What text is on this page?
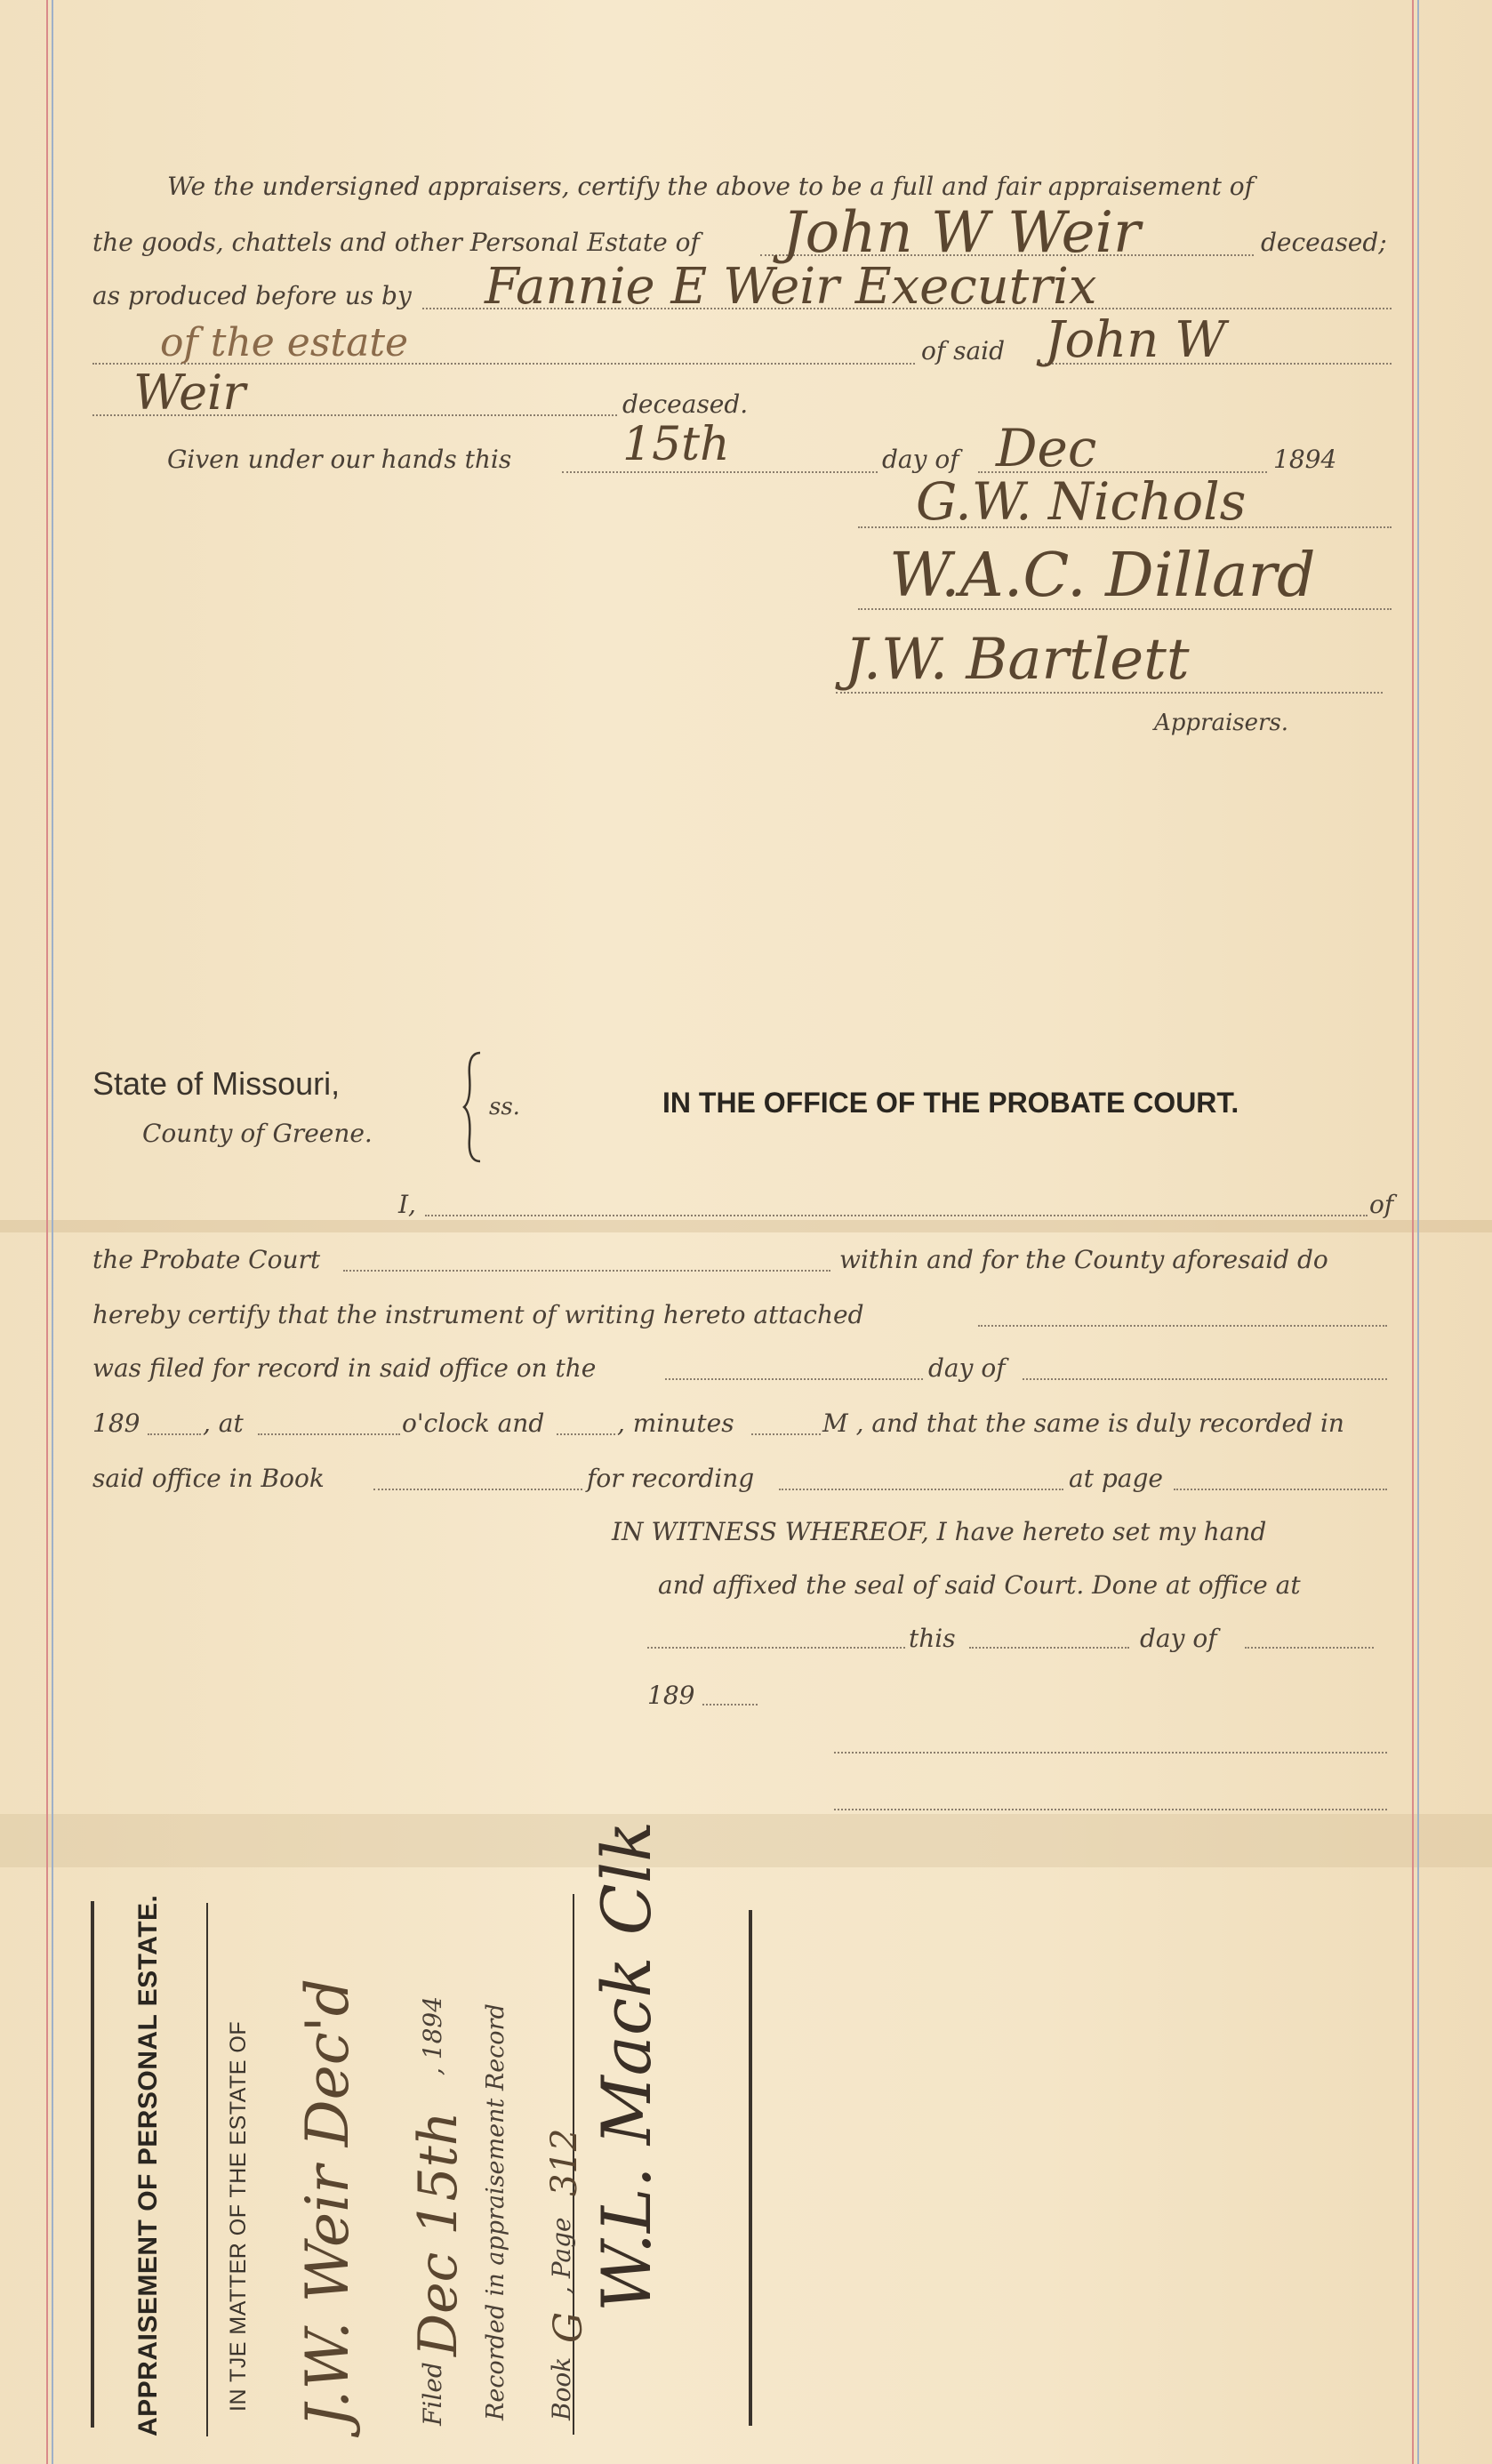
We the undersigned appraisers, certify the above to be a full and fair appraisement of
the goods, chattels and other Personal Estate of John W Weir	deceased;
as produced before us by Fannie E Weir Executrix
of the estate	of said John W
Weir	deceased.
Given under our hands this 15th	day of Dec	1894
G.W. Nichols
W.A.C. Dillard
J.W. Bartlett
Appraisers.
State of Missouri,
County of Greene.
ss.	IN THE OFFICE OF THE PROBATE COURT.
I,	of
the Probate Court	within and for the County aforesaid do
hereby certify that the instrument of writing hereto attached
was filed for record in said office on the	day of
189	, at	o'clock and	, minutes	M , and that the same is duly recorded in
said office in Book	for recording	at page
IN WITNESS WHEREOF, I have hereto set my hand
and affixed the seal of said Court. Done at office at
this	day of
189
APPRAISEMENT OF PERSONAL ESTATE.	IN TJE MATTER OF THE ESTATE OF J.W. Weir Dec'd Filed
Dec 15th
, 1894 Recorded in appraisement Record Book
G
, Page
312 W.L. Mack Clk
